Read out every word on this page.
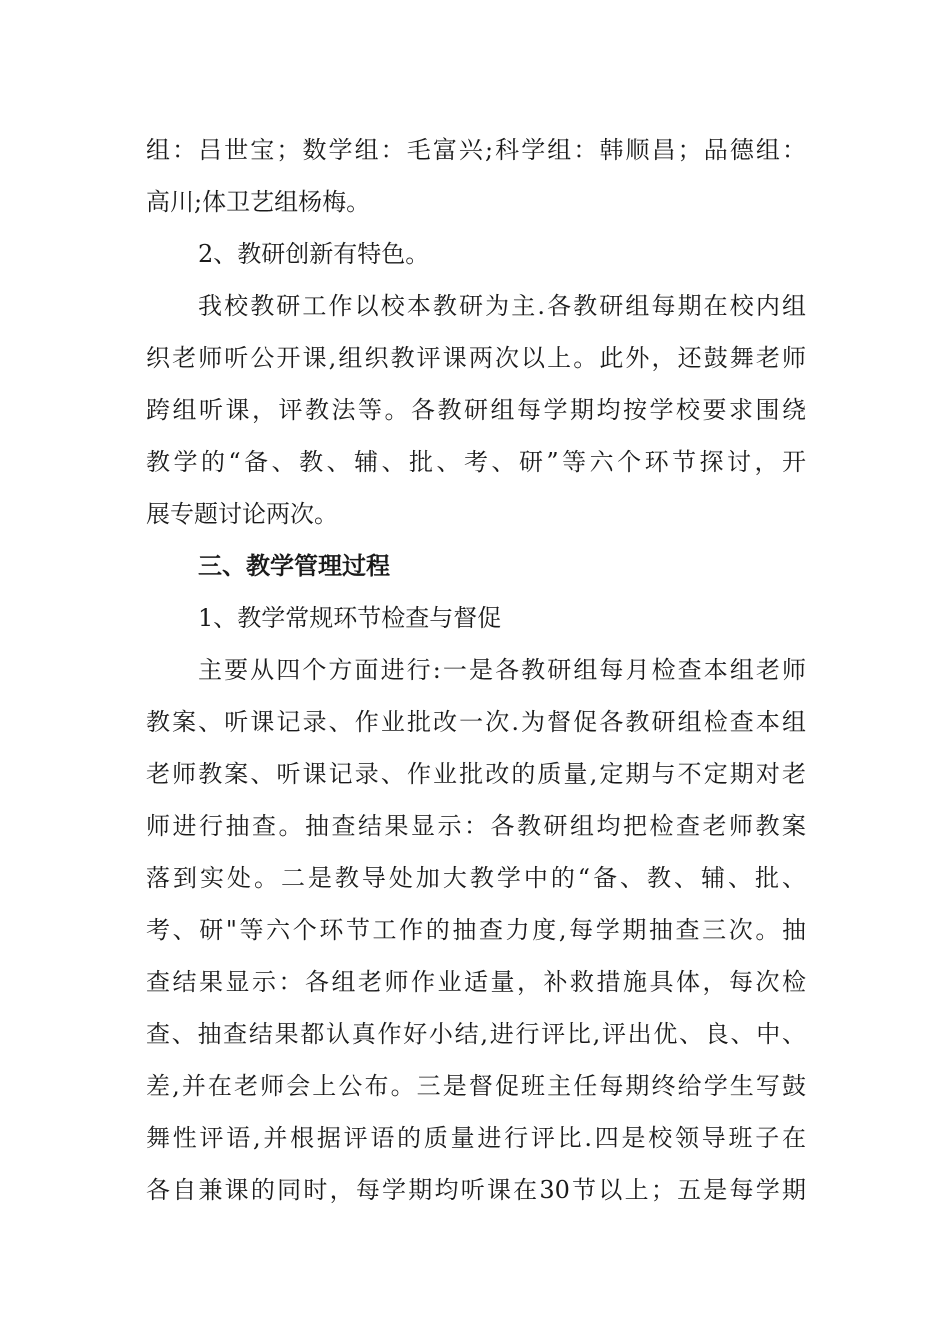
组：吕世宝；数学组：毛富兴;科学组：韩顺昌；品德组：
高川;体卫艺组杨梅。
2、教研创新有特色。
我校教研工作以校本教研为主.各教研组每期在校内组
织老师听公开课,组织教评课两次以上。此外，还鼓舞老师
跨组听课，评教法等。各教研组每学期均按学校要求围绕
教学的“备、教、辅、批、考、研”等六个环节探讨，开
展专题讨论两次。
三、教学管理过程
1、教学常规环节检查与督促
主要从四个方面进行:一是各教研组每月检查本组老师
教案、听课记录、作业批改一次.为督促各教研组检查本组
老师教案、听课记录、作业批改的质量,定期与不定期对老
师进行抽查。抽查结果显示：各教研组均把检查老师教案
落到实处。二是教导处加大教学中的“备、教、辅、批、
考、研"等六个环节工作的抽查力度,每学期抽查三次。抽
查结果显示：各组老师作业适量，补救措施具体，每次检
查、抽查结果都认真作好小结,进行评比,评出优、良、中、
差,并在老师会上公布。三是督促班主任每期终给学生写鼓
舞性评语,并根据评语的质量进行评比.四是校领导班子在
各自兼课的同时，每学期均听课在30节以上；五是每学期
